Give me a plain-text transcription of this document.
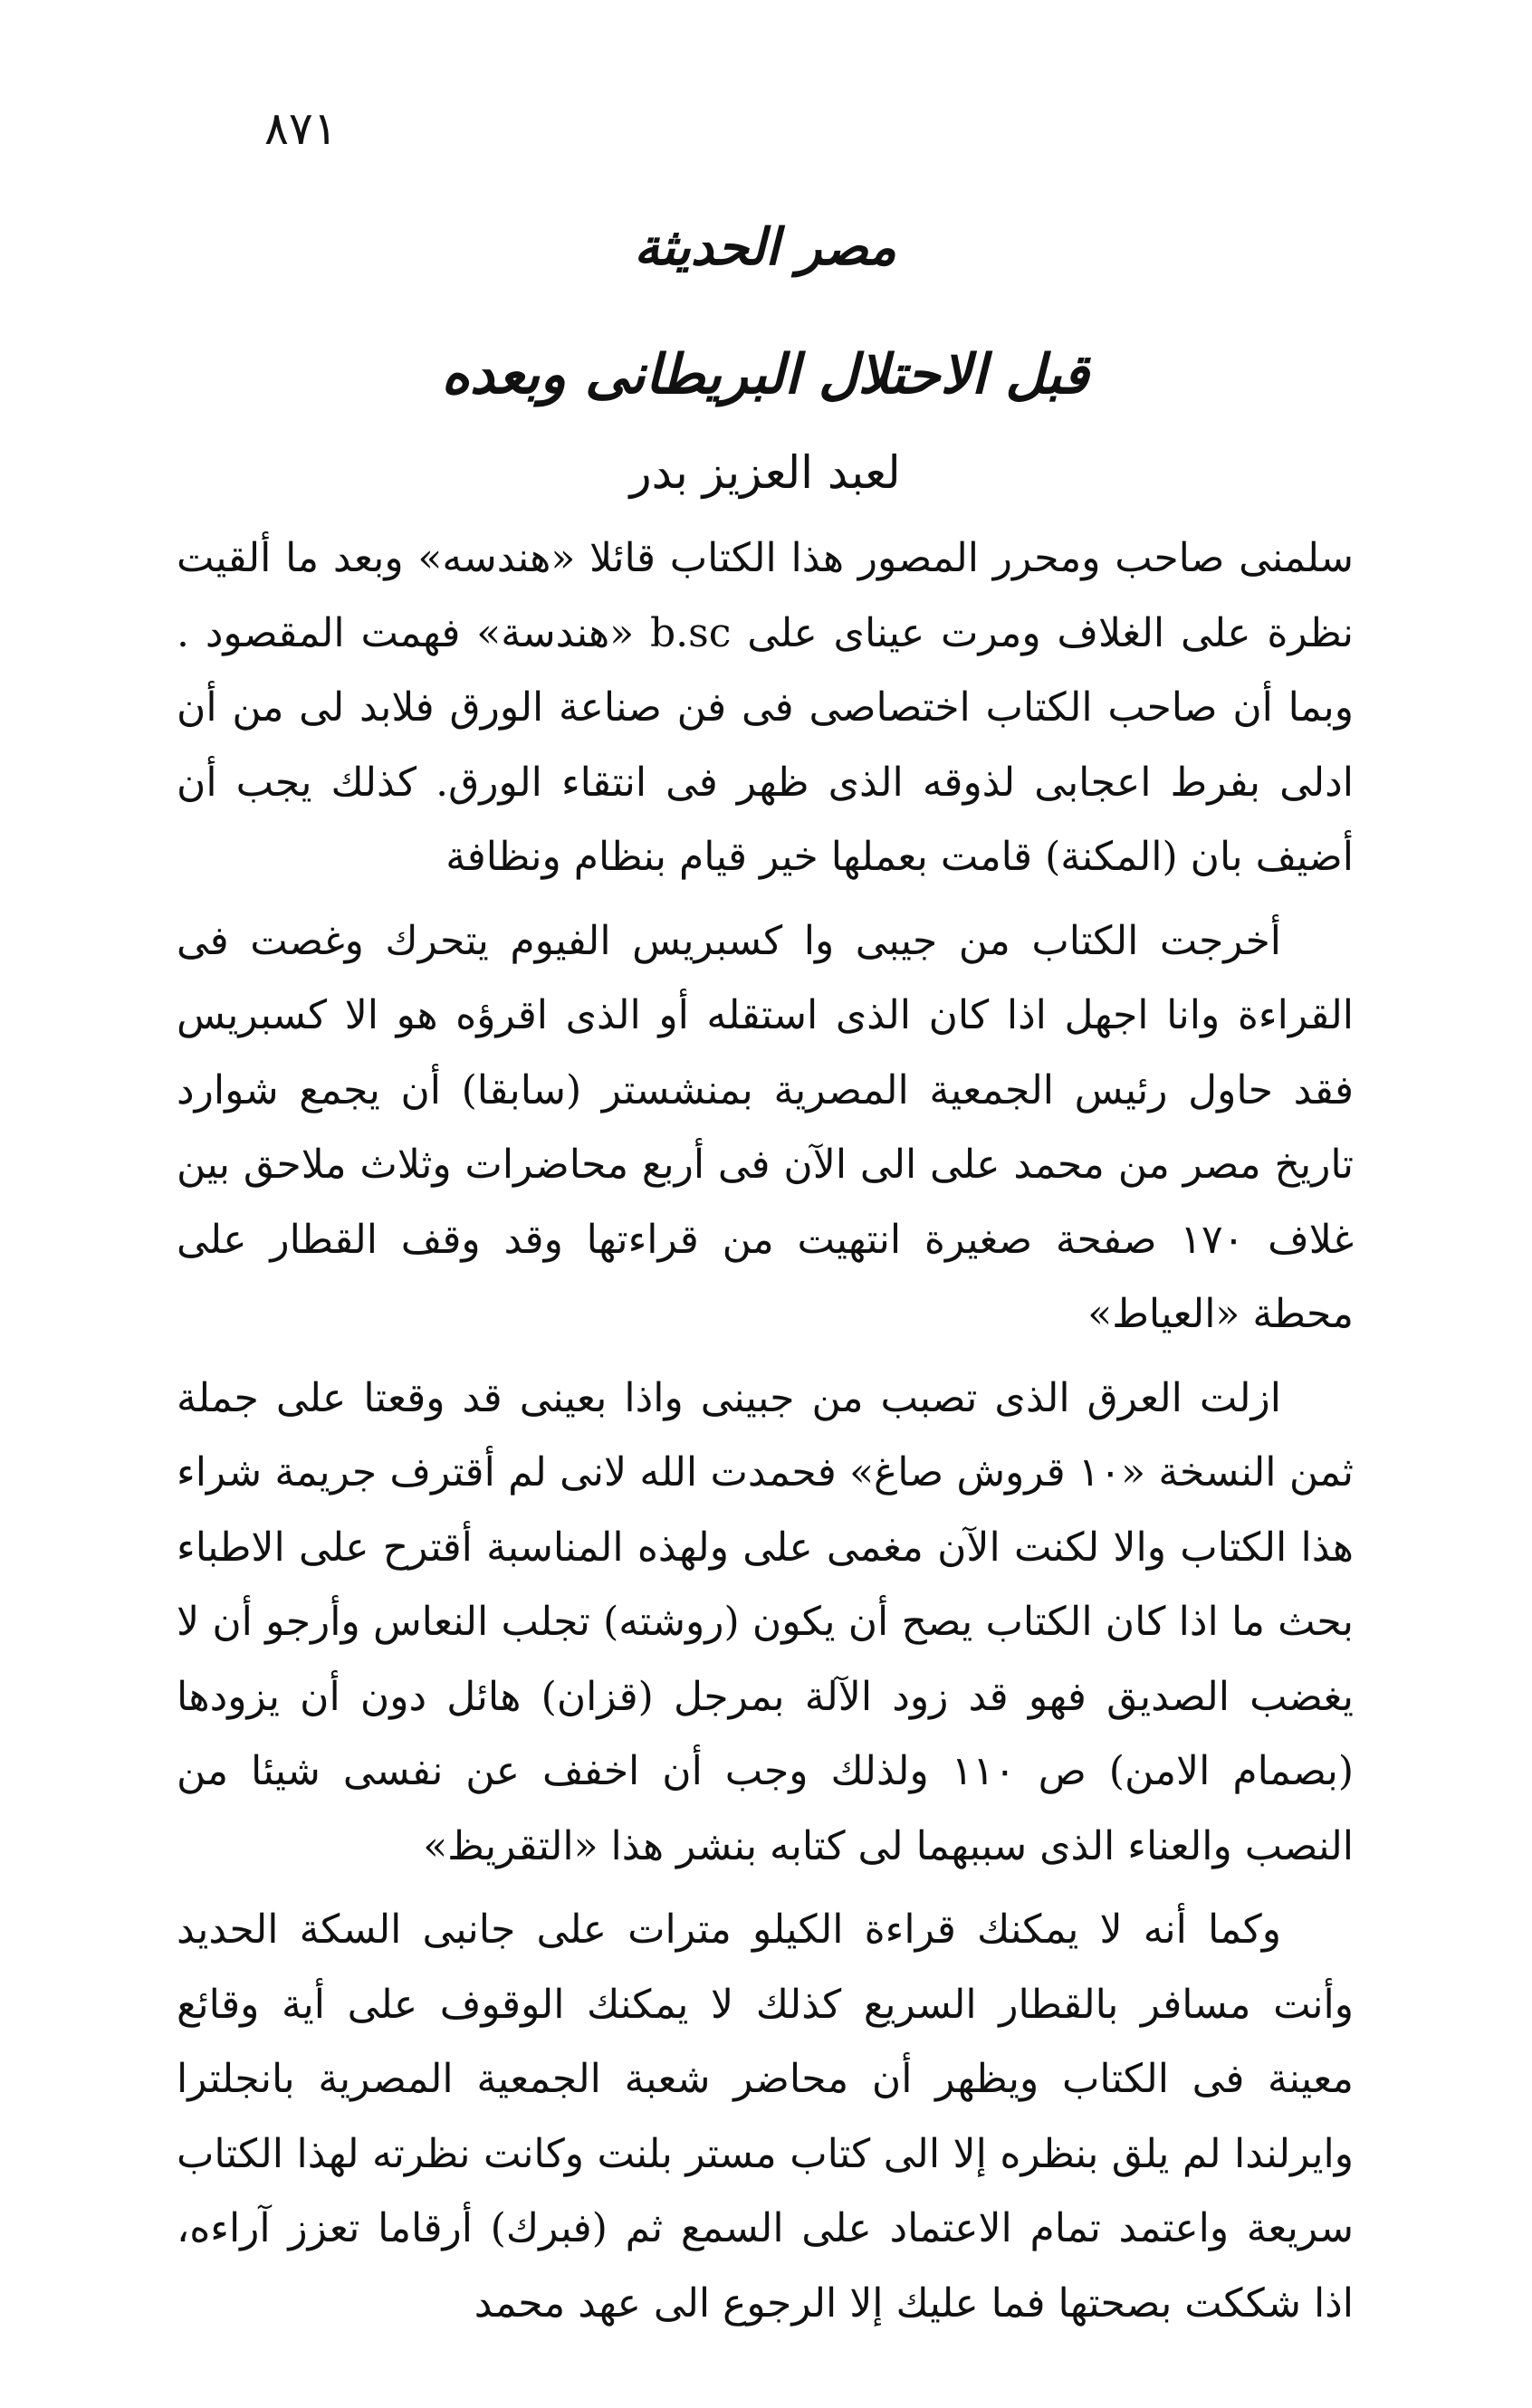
٨٧١
مصر الحديثة
قبل الاحتلال البريطانى وبعده
لعبد العزيز بدر

سلمنى صاحب ومحرر المصور هذا الكتاب قائلا «هندسه» وبعد ما ألقيت نظرة على الغلاف ومرت عيناى على b.sc «هندسة» فهمت المقصود . وبما أن صاحب الكتاب اختصاصى فى فن صناعة الورق فلابد لى من أن ادلى بفرط اعجابى لذوقه الذى ظهر فى انتقاء الورق. كذلك يجب أن أضيف بان (المكنة) قامت بعملها خير قيام بنظام ونظافة

أخرجت الكتاب من جيبى وا كسبريس الفيوم يتحرك وغصت فى القراءة وانا اجهل اذا كان الذى استقله أو الذى اقرؤه هو الا كسبريس فقد حاول رئيس الجمعية المصرية بمنشستر (سابقا) أن يجمع شوارد تاريخ مصر من محمد على الى الآن فى أربع محاضرات وثلاث ملاحق بين غلاف ١٧٠ صفحة صغيرة انتهيت من قراءتها وقد وقف القطار على محطة «العياط»

ازلت العرق الذى تصبب من جبينى واذا بعينى قد وقعتا على جملة ثمن النسخة «١٠ قروش صاغ» فحمدت الله لانى لم أقترف جريمة شراء هذا الكتاب والا لكنت الآن مغمى على ولهذه المناسبة أقترح على الاطباء بحث ما اذا كان الكتاب يصح أن يكون (روشته) تجلب النعاس وأرجو أن لا يغضب الصديق فهو قد زود الآلة بمرجل (قزان) هائل دون أن يزودها (بصمام الامن) ص ١١٠ ولذلك وجب أن اخفف عن نفسى شيئا من النصب والعناء الذى سببهما لى كتابه بنشر هذا «التقريظ»

وكما أنه لا يمكنك قراءة الكيلو مترات على جانبى السكة الحديد وأنت مسافر بالقطار السريع كذلك لا يمكنك الوقوف على أية وقائع معينة فى الكتاب ويظهر أن محاضر شعبة الجمعية المصرية بانجلترا وايرلندا لم يلق بنظره إلا الى كتاب مستر بلنت وكانت نظرته لهذا الكتاب سريعة واعتمد تمام الاعتماد على السمع ثم (فبرك) أرقاما تعزز آراءه، اذا شككت بصحتها فما عليك إلا الرجوع الى عهد محمد
